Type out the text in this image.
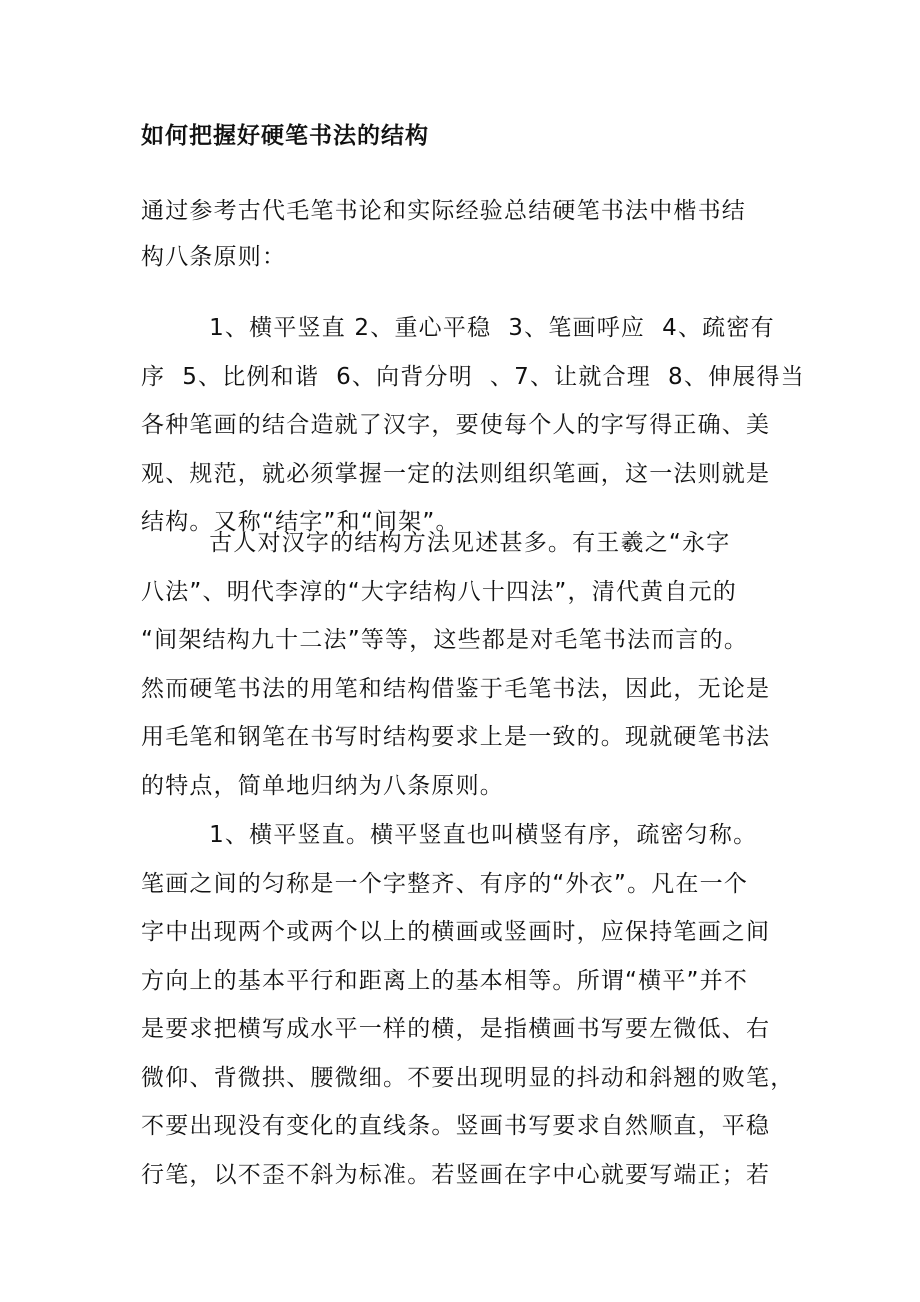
如何把握好硬笔书法的结构

通过参考古代毛笔书论和实际经验总结硬笔书法中楷书结
构八条原则：

1、横平竖直 2、重心平稳  3、笔画呼应  4、疏密有
序  5、比例和谐  6、向背分明  、7、让就合理  8、伸展得当
各种笔画的结合造就了汉字，要使每个人的字写得正确、美
观、规范，就必须掌握一定的法则组织笔画，这一法则就是
结构。又称“结字”和“间架”。

古人对汉字的结构方法见述甚多。有王羲之“永字
八法”、明代李淳的“大字结构八十四法”，清代黄自元的
“间架结构九十二法”等等，这些都是对毛笔书法而言的。
然而硬笔书法的用笔和结构借鉴于毛笔书法，因此，无论是
用毛笔和钢笔在书写时结构要求上是一致的。现就硬笔书法
的特点，简单地归纳为八条原则。

1、横平竖直。横平竖直也叫横竖有序，疏密匀称。
笔画之间的匀称是一个字整齐、有序的“外衣”。凡在一个
字中出现两个或两个以上的横画或竖画时，应保持笔画之间
方向上的基本平行和距离上的基本相等。所谓“横平”并不
是要求把横写成水平一样的横，是指横画书写要左微低、右
微仰、背微拱、腰微细。不要出现明显的抖动和斜翘的败笔，
不要出现没有变化的直线条。竖画书写要求自然顺直，平稳
行笔，以不歪不斜为标准。若竖画在字中心就要写端正；若
